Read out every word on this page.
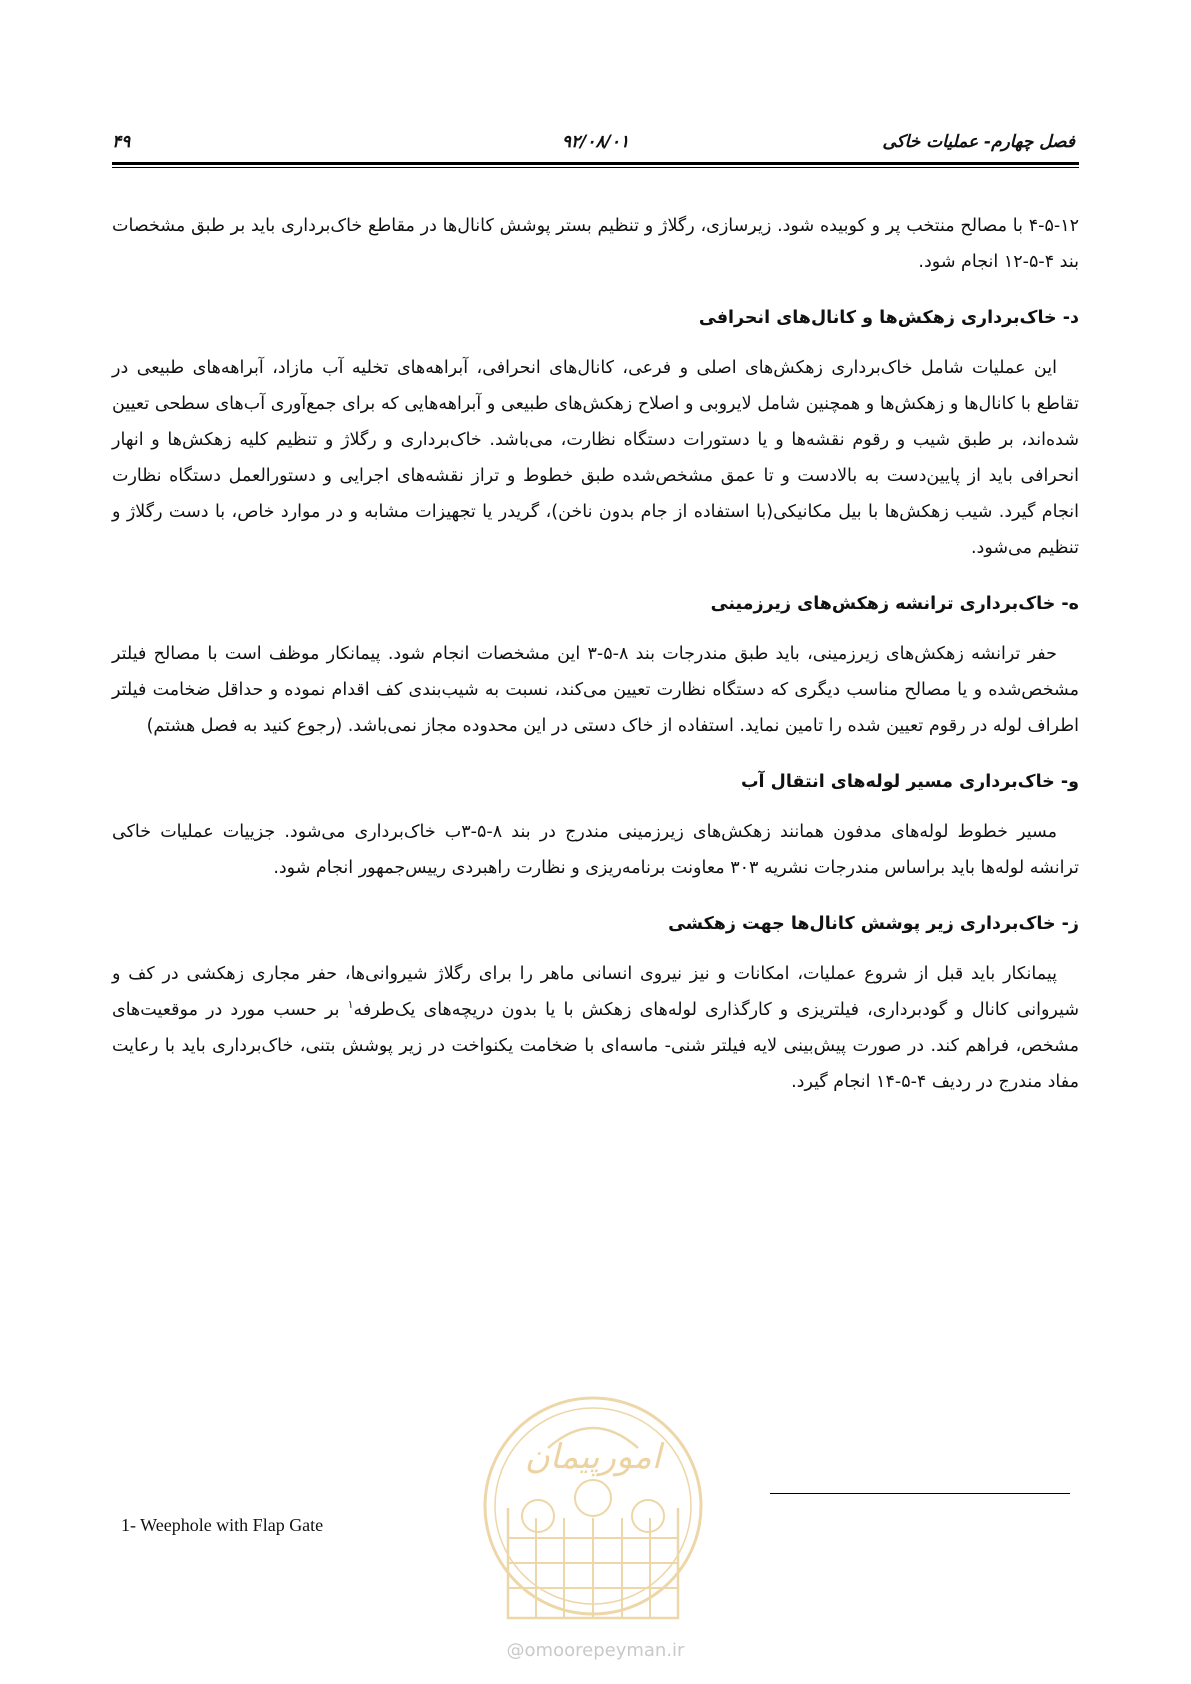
فصل چهارم- عملیات خاکی
۹۲/۰۸/۰۱
۴۹

۴-۵-۱۲ با مصالح منتخب پر و کوبیده شود. زیرسازی، رگلاژ و تنظیم بستر پوشش کانال‌ها در مقاطع خاک‌برداری باید بر طبق مشخصات بند ۴-۵-۱۲ انجام شود.

د- خاک‌برداری زهکش‌ها و کانال‌های انحرافی

این عملیات شامل خاک‌برداری زهکش‌های اصلی و فرعی، کانال‌های انحرافی، آبراهه‌های تخلیه آب مازاد، آبراهه‌های طبیعی در تقاطع با کانال‌ها و زهکش‌ها و همچنین شامل لایروبی و اصلاح زهکش‌های طبیعی و آبراهه‌هایی که برای جمع‌آوری آب‌های سطحی تعیین شده‌اند، بر طبق شیب و رقوم نقشه‌ها و یا دستورات دستگاه نظارت، می‌باشد. خاک‌برداری و رگلاژ و تنظیم کلیه زهکش‌ها و انهار انحرافی باید از پایین‌دست به بالادست و تا عمق مشخص‌شده طبق خطوط و تراز نقشه‌های اجرایی و دستورالعمل دستگاه نظارت انجام گیرد. شیب زهکش‌ها با بیل مکانیکی(با استفاده از جام بدون ناخن)، گریدر یا تجهیزات مشابه و در موارد خاص، با دست رگلاژ و تنظیم می‌شود.

ه- خاک‌برداری ترانشه زهکش‌های زیرزمینی

حفر ترانشه زهکش‌های زیرزمینی، باید طبق مندرجات بند ۸-۵-۳ این مشخصات انجام شود. پیمانکار موظف است با مصالح فیلتر مشخص‌شده و یا مصالح مناسب دیگری که دستگاه نظارت تعیین می‌کند، نسبت به شیب‌بندی کف اقدام نموده و حداقل ضخامت فیلتر اطراف لوله در رقوم تعیین شده را تامین نماید. استفاده از خاک دستی در این محدوده مجاز نمی‌باشد. (رجوع کنید به فصل هشتم)

و- خاک‌برداری مسیر لوله‌های انتقال آب

مسیر خطوط لوله‌های مدفون همانند زهکش‌های زیرزمینی مندرج در بند ۸-۵-۳ب خاک‌برداری می‌شود. جزییات عملیات خاکی ترانشه لوله‌ها باید براساس مندرجات نشریه ۳۰۳ معاونت برنامه‌ریزی و نظارت راهبردی رییس‌جمهور انجام شود.

ز- خاک‌برداری زیر پوشش کانال‌ها جهت زهکشی

پیمانکار باید قبل از شروع عملیات، امکانات و نیز نیروی انسانی ماهر را برای رگلاژ شیروانی‌ها، حفر مجاری زهکشی در کف و شیروانی کانال و گودبرداری، فیلتریزی و کارگذاری لوله‌های زهکش با یا بدون دریچه‌های یک‌طرفه$^۱$ بر حسب مورد در موقعیت‌های مشخص، فراهم کند. در صورت پیش‌بینی لایه فیلتر شنی- ماسه‌ای با ضخامت یکنواخت در زیر پوشش بتنی، خاک‌برداری باید با رعایت مفاد مندرج در ردیف ۴-۵-۱۴ انجام گیرد.

1- Weephole with Flap Gate
امورپیمان
@omoorepeyman.ir
